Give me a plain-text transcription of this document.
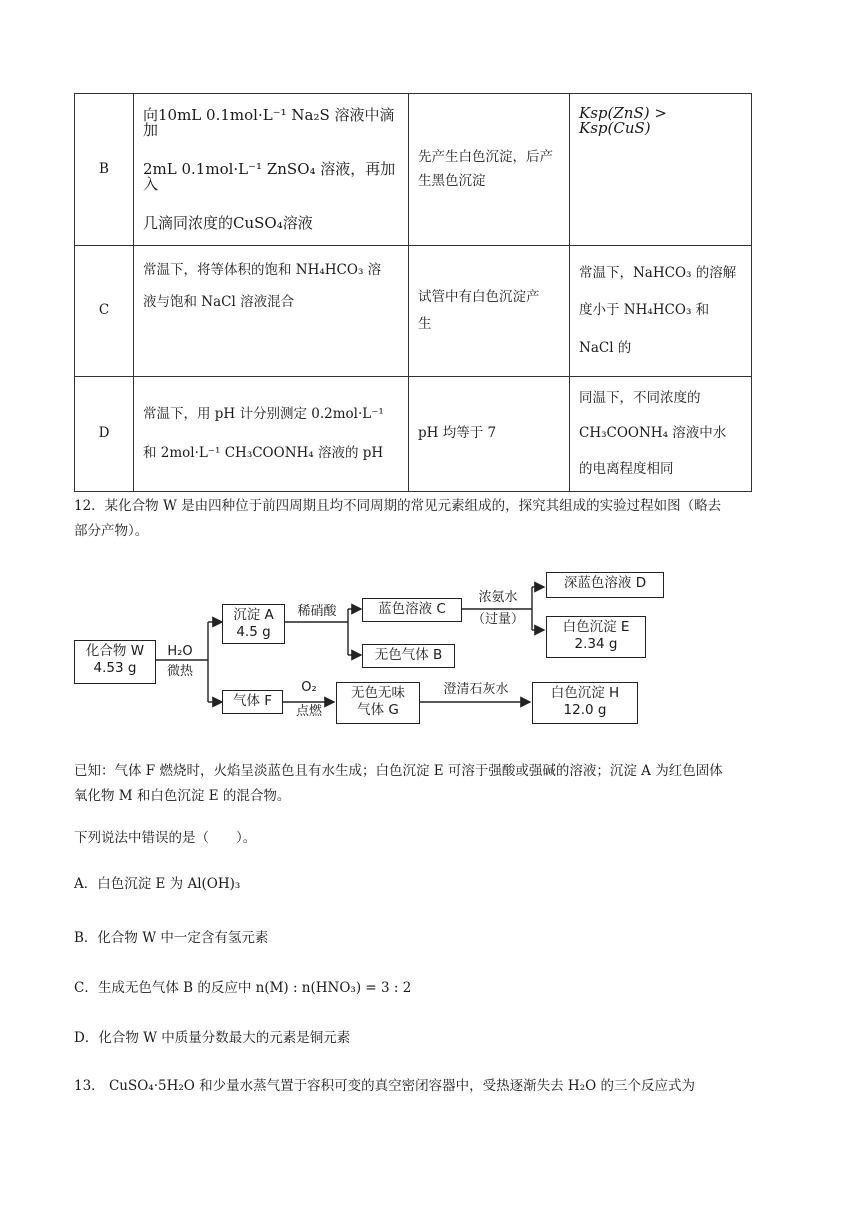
B	向10mL 0.1mol·L⁻¹ Na₂S 溶液中滴加
2mL 0.1mol·L⁻¹ ZnSO₄ 溶液，再加入
几滴同浓度的CuSO₄溶液	先产生白色沉淀，后产
生黑色沉淀	Ksp(ZnS) > Ksp(CuS)

C	常温下，将等体积的饱和 NH₄HCO₃ 溶
液与饱和 NaCl 溶液混合	试管中有白色沉淀产
生	常温下，NaHCO₃ 的溶解
度小于 NH₄HCO₃ 和
NaCl 的

D	常温下，用 pH 计分别测定 0.2mol·L⁻¹
和 2mol·L⁻¹ CH₃COONH₄ 溶液的 pH	pH 均等于 7	同温下，不同浓度的
CH₃COONH₄ 溶液中水
的电离程度相同
12．某化合物 W 是由四种位于前四周期且均不同周期的常见元素组成的，探究其组成的实验过程如图（略去
部分产物）。
化合物 W
4.53 g
H₂O
微热
沉淀 A
4.5 g
稀硝酸	蓝色溶液 C
无色气体 B
浓氨水
（过量）
深蓝色溶液 D
白色沉淀 E
2.34 g
气体 F
O₂
点燃
无色无味
气体 G
澄清石灰水	白色沉淀 H
12.0 g
已知：气体 F 燃烧时，火焰呈淡蓝色且有水生成；白色沉淀 E 可溶于强酸或强碱的溶液；沉淀 A 为红色固体
氧化物 M 和白色沉淀 E 的混合物。
下列说法中错误的是（　　）。
A．白色沉淀 E 为 Al(OH)₃
B．化合物 W 中一定含有氢元素
C．生成无色气体 B 的反应中 n(M) : n(HNO₃) = 3 : 2
D．化合物 W 中质量分数最大的元素是铜元素
13． CuSO₄·5H₂O 和少量水蒸气置于容积可变的真空密闭容器中，受热逐渐失去 H₂O 的三个反应式为
